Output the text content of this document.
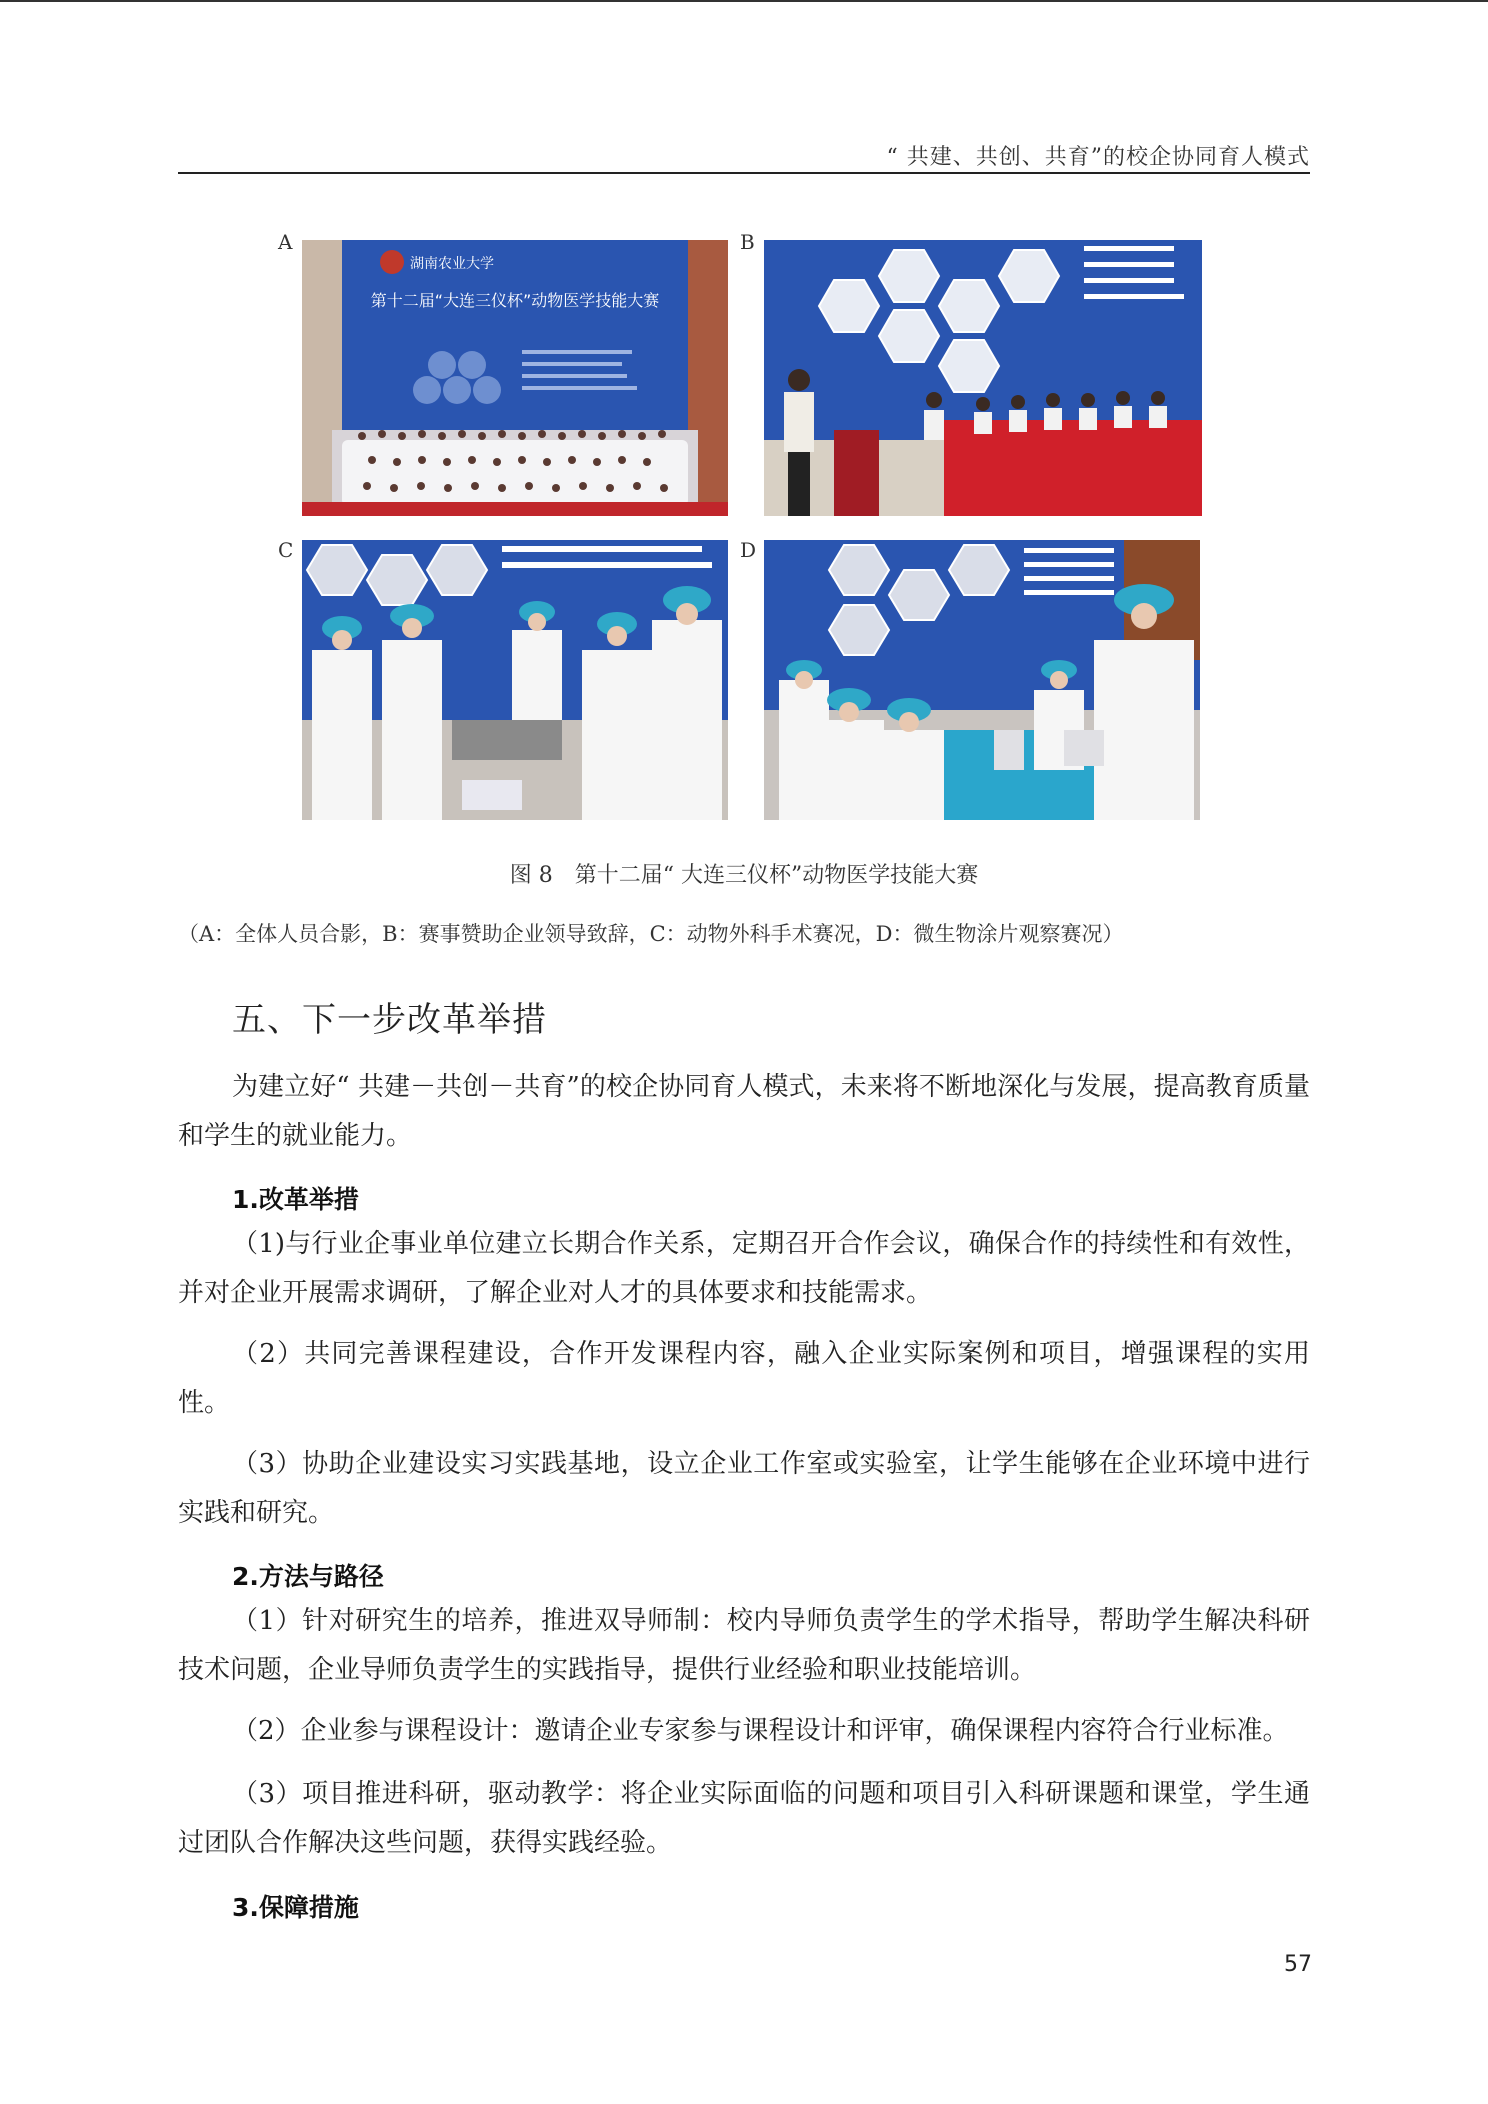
“ 共建、共创、共育”的校企协同育人模式
A
湖南农业大学
第十二届“大连三仪杯”动物医学技能大赛
B
C	D
图 8　第十二届“ 大连三仪杯”动物医学技能大赛
（A：全体人员合影，B：赛事赞助企业领导致辞，C：动物外科手术赛况，D：微生物涂片观察赛况）
五、下一步改革举措
为建立好“ 共建－共创－共育”的校企协同育人模式，未来将不断地深化与发展，提高教育质量和学生的就业能力。
1.改革举措
（1)与行业企事业单位建立长期合作关系，定期召开合作会议，确保合作的持续性和有效性，并对企业开展需求调研，了解企业对人才的具体要求和技能需求。
（2）共同完善课程建设，合作开发课程内容，融入企业实际案例和项目，增强课程的实用性。
（3）协助企业建设实习实践基地，设立企业工作室或实验室，让学生能够在企业环境中进行实践和研究。
2.方法与路径
（1）针对研究生的培养，推进双导师制：校内导师负责学生的学术指导，帮助学生解决科研技术问题，企业导师负责学生的实践指导，提供行业经验和职业技能培训。
（2）企业参与课程设计：邀请企业专家参与课程设计和评审，确保课程内容符合行业标准。
（3）项目推进科研，驱动教学：将企业实际面临的问题和项目引入科研课题和课堂，学生通过团队合作解决这些问题，获得实践经验。
3.保障措施
57
